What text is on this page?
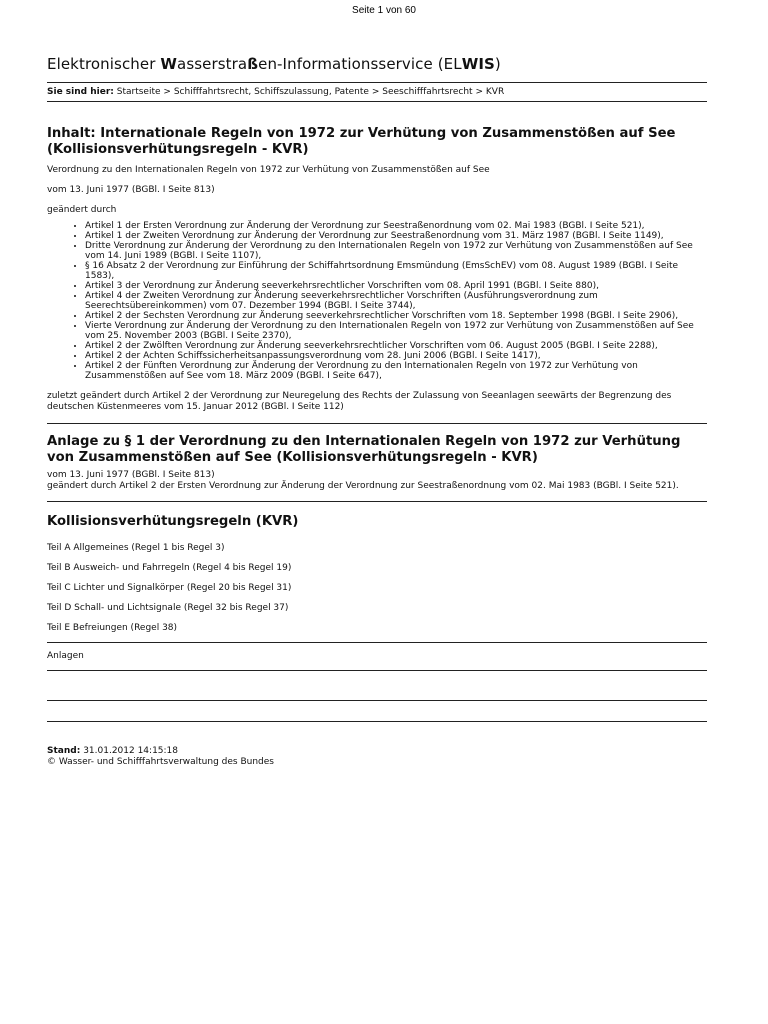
Seite 1 von 60
Elektronischer Wasserstraßen-Informationsservice (ELWIS)
Sie sind hier: Startseite > Schifffahrtsrecht, Schiffszulassung, Patente > Seeschifffahrtsrecht > KVR
Inhalt: Internationale Regeln von 1972 zur Verhütung von Zusammenstößen auf See (Kollisionsverhütungsregeln - KVR)

Verordnung zu den Internationalen Regeln von 1972 zur Verhütung von Zusammenstößen auf See

vom 13. Juni 1977 (BGBl. I Seite 813)

geändert durch

• Artikel 1 der Ersten Verordnung zur Änderung der Verordnung zur Seestraßenordnung vom 02. Mai 1983 (BGBl. I Seite 521),
• Artikel 1 der Zweiten Verordnung zur Änderung der Verordnung zur Seestraßenordnung vom 31. März 1987 (BGBl. I Seite 1149),
• Dritte Verordnung zur Änderung der Verordnung zu den Internationalen Regeln von 1972 zur Verhütung von Zusammenstößen auf See vom 14. Juni 1989 (BGBl. I Seite 1107),
• § 16 Absatz 2 der Verordnung zur Einführung der Schiffahrtsordnung Emsmündung (EmsSchEV) vom 08. August 1989 (BGBl. I Seite 1583),
• Artikel 3 der Verordnung zur Änderung seeverkehrsrechtlicher Vorschriften vom 08. April 1991 (BGBl. I Seite 880),
• Artikel 4 der Zweiten Verordnung zur Änderung seeverkehrsrechtlicher Vorschriften (Ausführungsverordnung zum Seerechtsübereinkommen) vom 07. Dezember 1994 (BGBl. I Seite 3744),
• Artikel 2 der Sechsten Verordnung zur Änderung seeverkehrsrechtlicher Vorschriften vom 18. September 1998 (BGBl. I Seite 2906),
• Vierte Verordnung zur Änderung der Verordnung zu den Internationalen Regeln von 1972 zur Verhütung von Zusammenstößen auf See vom 25. November 2003 (BGBl. I Seite 2370),
• Artikel 2 der Zwölften Verordnung zur Änderung seeverkehrsrechtlicher Vorschriften vom 06. August 2005 (BGBl. I Seite 2288),
• Artikel 2 der Achten Schiffssicherheitsanpassungsverordnung vom 28. Juni 2006 (BGBl. I Seite 1417),
• Artikel 2 der Fünften Verordnung zur Änderung der Verordnung zu den Internationalen Regeln von 1972 zur Verhütung von Zusammenstößen auf See vom 18. März 2009 (BGBl. I Seite 647),

zuletzt geändert durch Artikel 2 der Verordnung zur Neuregelung des Rechts der Zulassung von Seeanlagen seewärts der Begrenzung des deutschen Küstenmeeres vom 15. Januar 2012 (BGBl. I Seite 112)

Anlage zu § 1 der Verordnung zu den Internationalen Regeln von 1972 zur Verhütung von Zusammenstößen auf See (Kollisionsverhütungsregeln - KVR)

vom 13. Juni 1977 (BGBl. I Seite 813)

geändert durch Artikel 2 der Ersten Verordnung zur Änderung der Verordnung zur Seestraßenordnung vom 02. Mai 1983 (BGBl. I Seite 521).

Kollisionsverhütungsregeln (KVR)
Teil A Allgemeines (Regel 1 bis Regel 3)
Teil B Ausweich- und Fahrregeln (Regel 4 bis Regel 19)
Teil C Lichter und Signalkörper (Regel 20 bis Regel 31)
Teil D Schall- und Lichtsignale (Regel 32 bis Regel 37)
Teil E Befreiungen (Regel 38)
Anlagen
Stand: 31.01.2012 14:15:18
© Wasser- und Schifffahrtsverwaltung des Bundes
